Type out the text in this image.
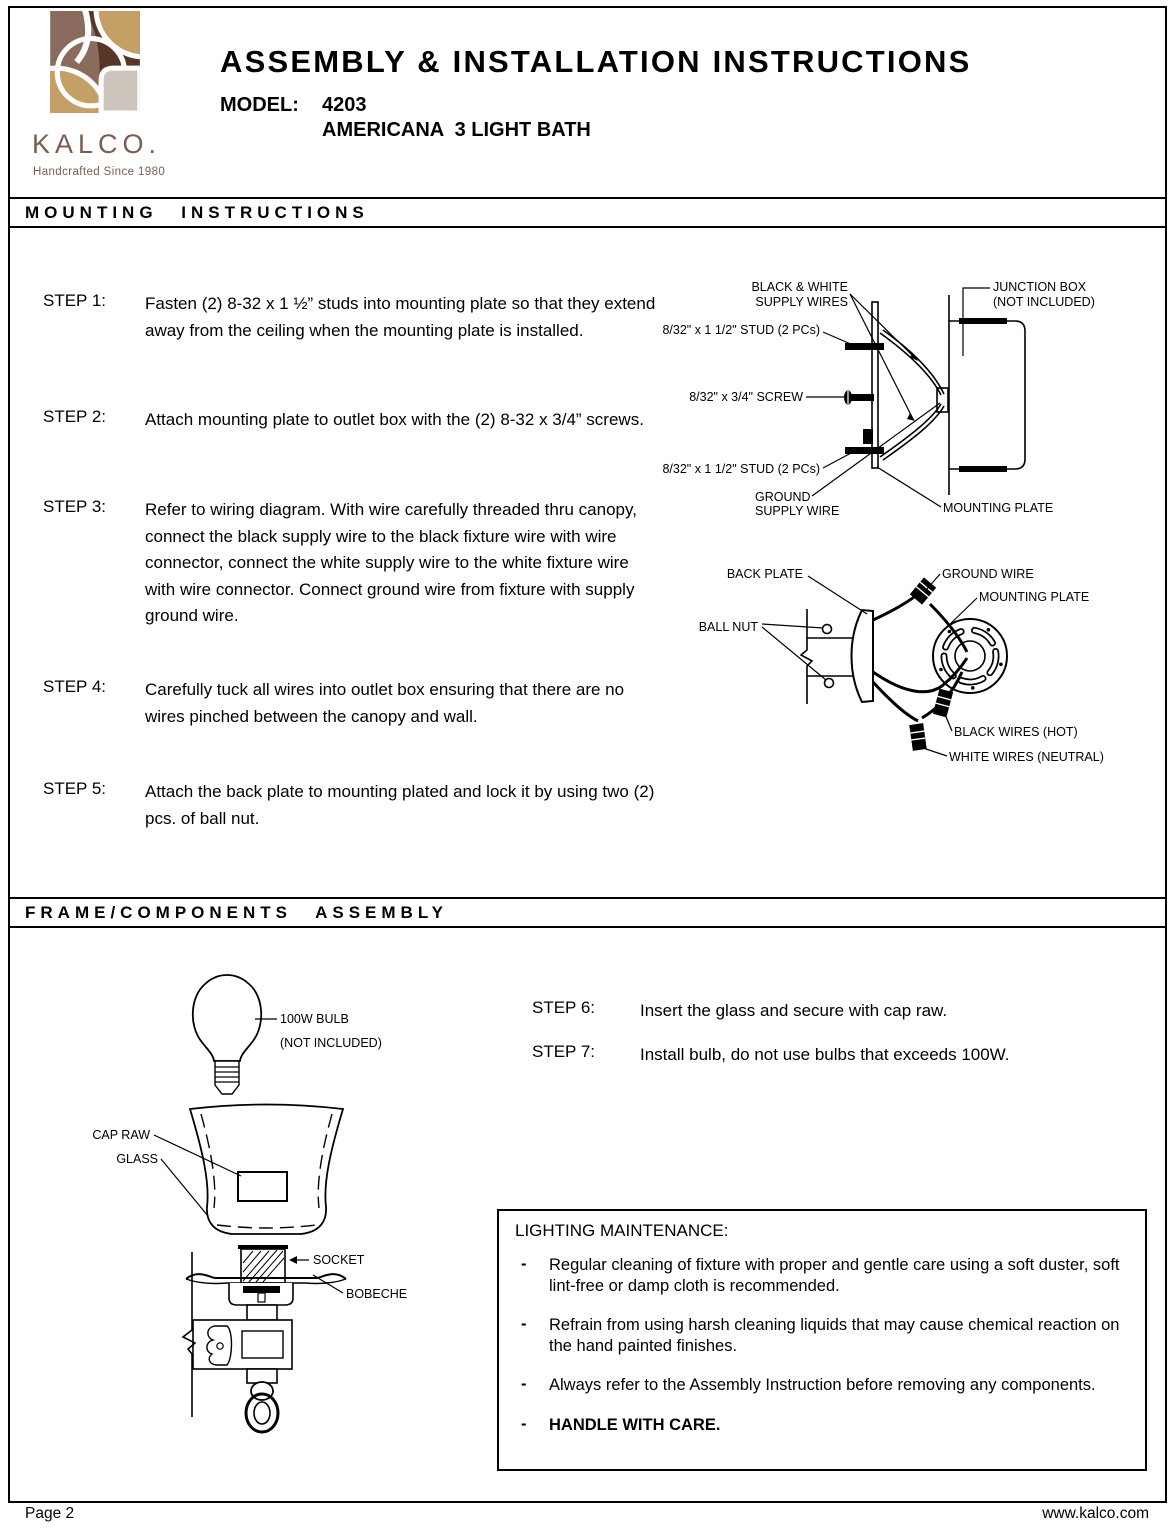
KALCO.
Handcrafted Since 1980
ASSEMBLY & INSTALLATION INSTRUCTIONS
MODEL: 4203
AMERICANA  3 LIGHT BATH
MOUNTING INSTRUCTIONS
STEP 1: Fasten (2) 8-32 x 1 ½” studs into mounting plate so that they extend away from the ceiling when the mounting plate is installed.
STEP 2: Attach mounting plate to outlet box with the (2) 8-32 x 3/4” screws.
STEP 3: Refer to wiring diagram. With wire carefully threaded thru canopy, connect the black supply wire to the black fixture wire with wire connector, connect the white supply wire to the white fixture wire with wire connector. Connect ground wire from fixture with supply ground wire.
STEP 4: Carefully tuck all wires into outlet box ensuring that there are no wires pinched between the canopy and wall.
STEP 5: Attach the back plate to mounting plated and lock it by using two (2) pcs. of ball nut.
BLACK & WHITE
SUPPLY WIRES
JUNCTION BOX
(NOT INCLUDED)
8/32" x 1 1/2" STUD (2 PCs)
8/32" x 3/4" SCREW
8/32" x 1 1/2" STUD (2 PCs)
GROUND
SUPPLY WIRE	MOUNTING PLATE
BACK PLATE	GROUND WIRE
MOUNTING PLATE
BALL NUT
BLACK WIRES (HOT)
WHITE WIRES (NEUTRAL)
FRAME/COMPONENTS ASSEMBLY
100W BULB
(NOT INCLUDED)
CAP RAW
GLASS
SOCKET
BOBECHE
STEP 6:	Insert the glass and secure with cap raw.
STEP 7:	Install bulb, do not use bulbs that exceeds 100W.
LIGHTING MAINTENANCE:
- Regular cleaning of fixture with proper and gentle care using a soft duster, soft lint-free or damp cloth is recommended.
- Refrain from using harsh cleaning liquids that may cause chemical reaction on the hand painted finishes.
- Always refer to the Assembly Instruction before removing any components.
- HANDLE WITH CARE.
Page 2	www.kalco.com
